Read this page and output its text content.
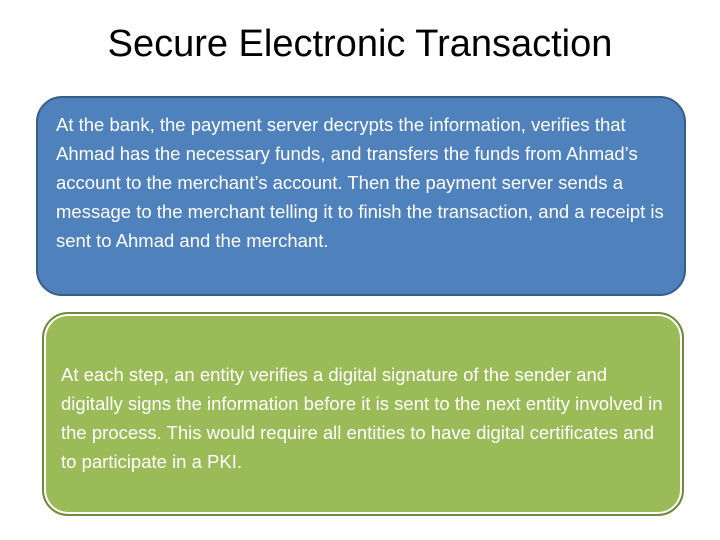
Secure Electronic Transaction

At the bank, the payment server decrypts the information, verifies that Ahmad has the necessary funds, and transfers the funds from Ahmad’s account to the merchant’s account. Then the payment server sends a message to the merchant telling it to finish the transaction, and a receipt is sent to Ahmad and the merchant.

At each step, an entity verifies a digital signature of the sender and digitally signs the information before it is sent to the next entity involved in the process. This would require all entities to have digital certificates and to participate in a PKI.
